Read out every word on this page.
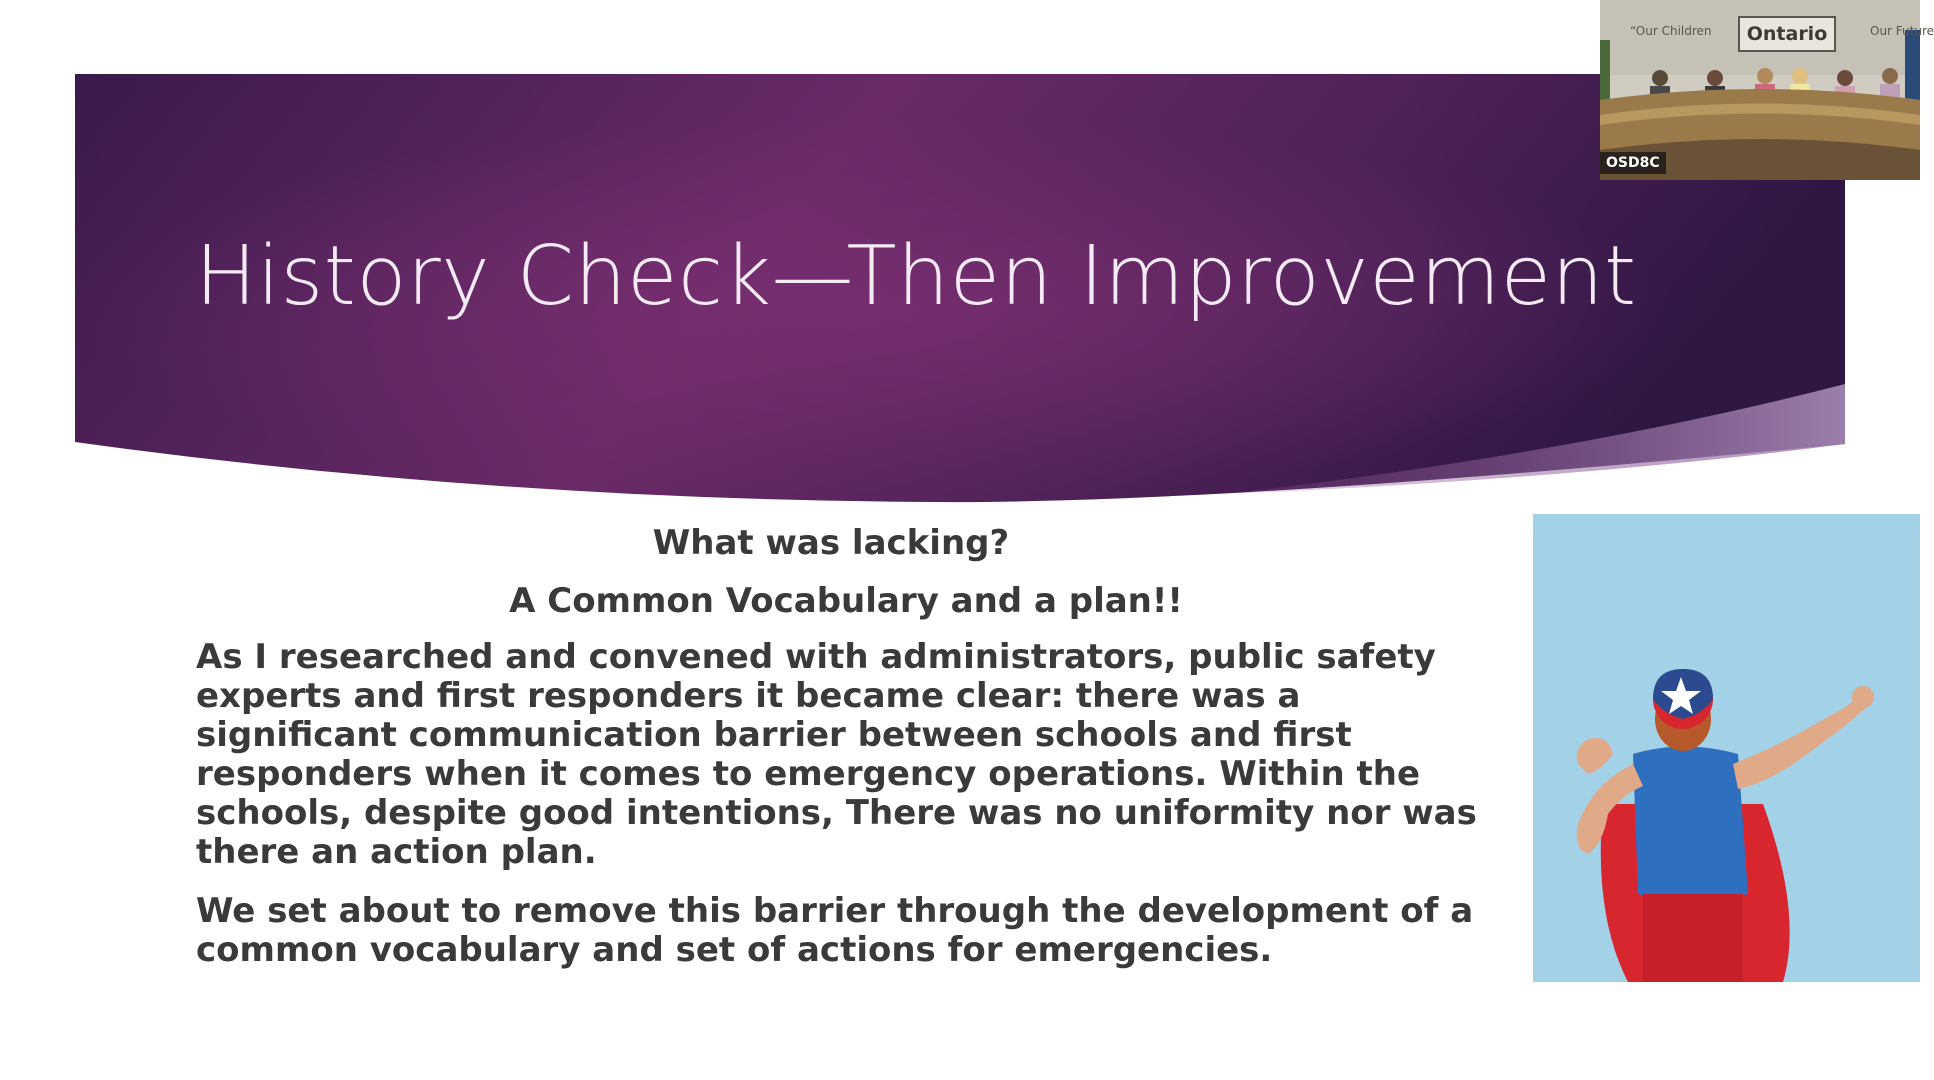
History Check—Then Improvement
What was lacking?
A Common Vocabulary and a plan!!

As I researched and convened with administrators, public safety experts and first responders it became clear: there was a significant communication barrier between schools and first responders when it comes to emergency operations. Within the schools, despite good intentions, There was no uniformity nor was there an action plan.

We set about to remove this barrier through the development of a common vocabulary and set of actions for emergencies.

“Our Children	Ontario	Our Future
OSD8C
